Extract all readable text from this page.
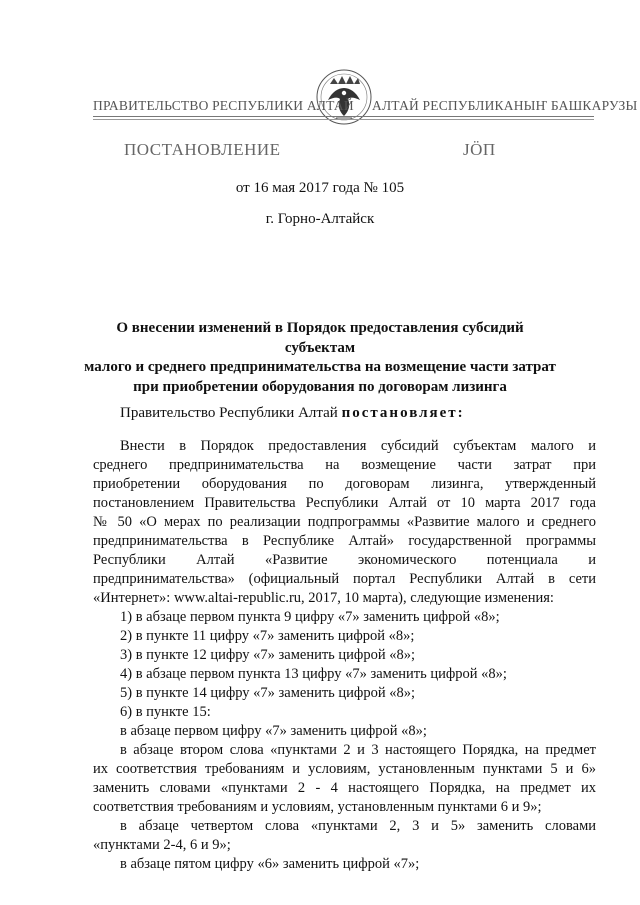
ПРАВИТЕЛЬСТВО РЕСПУБЛИКИ АЛТАЙ АЛТАЙ РЕСПУБЛИКАНЫҤ БАШКАРУЗЫ
ПОСТАНОВЛЕНИЕ	JÖП
от 16 мая 2017 года № 105
г. Горно-Алтайск
О внесении изменений в Порядок предоставления субсидий субъектам
малого и среднего предпринимательства на возмещение части затрат
при приобретении оборудования по договорам лизинга
Правительство Республики Алтай постановляет:

Внести в Порядок предоставления субсидий субъектам малого и

среднего предпринимательства на возмещение части затрат при

приобретении оборудования по договорам лизинга, утвержденный

постановлением Правительства Республики Алтай от 10 марта 2017 года

№ 50 «О мерах по реализации подпрограммы «Развитие малого и среднего

предпринимательства в Республике Алтай» государственной программы

Республики Алтай «Развитие экономического потенциала и

предпринимательства» (официальный портал Республики Алтай в сети

«Интернет»: www.altai-republic.ru, 2017, 10 марта), следующие изменения:

1) в абзаце первом пункта 9 цифру «7» заменить цифрой «8»;

2) в пункте 11 цифру «7» заменить цифрой «8»;

3) в пункте 12 цифру «7» заменить цифрой «8»;

4) в абзаце первом пункта 13 цифру «7» заменить цифрой «8»;

5) в пункте 14 цифру «7» заменить цифрой «8»;

6) в пункте 15:

в абзаце первом цифру «7» заменить цифрой «8»;

в абзаце втором слова «пунктами 2 и 3 настоящего Порядка, на предмет

их соответствия требованиям и условиям, установленным пунктами 5 и 6»

заменить словами «пунктами 2 - 4 настоящего Порядка, на предмет их

соответствия требованиям и условиям, установленным пунктами 6 и 9»;

в абзаце четвертом слова «пунктами 2, 3 и 5» заменить словами

«пунктами 2-4, 6 и 9»;

в абзаце пятом цифру «6» заменить цифрой «7»;
